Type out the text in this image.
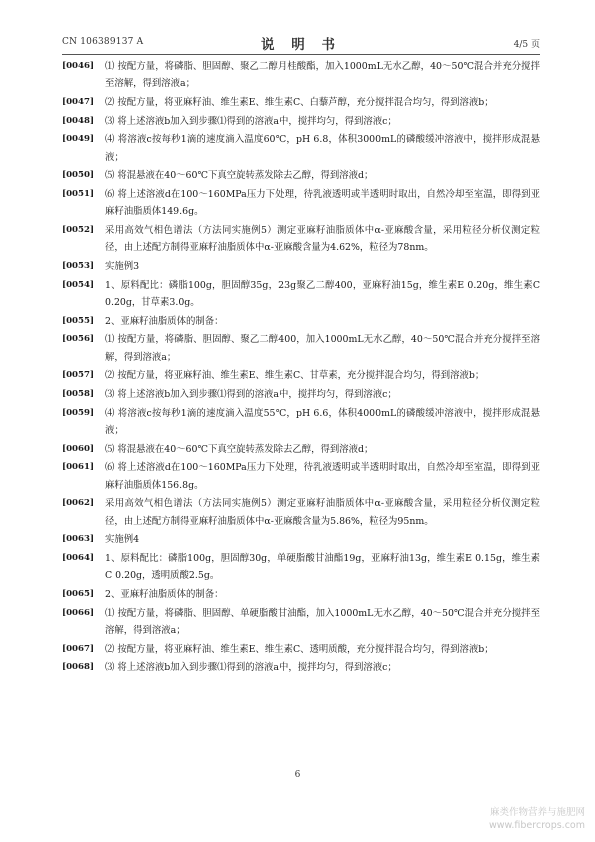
CN 106389137 A	说 明 书	4/5 页
[0046] ⑴ 按配方量，将磷脂、胆固醇、聚乙二醇月桂酸酯，加入1000mL无水乙醇，40～50℃混合并充分搅拌至溶解，得到溶液a；
[0047] ⑵ 按配方量，将亚麻籽油、维生素E、维生素C、白藜芦醇，充分搅拌混合均匀，得到溶液b；
[0048] ⑶ 将上述溶液b加入到步骤⑴得到的溶液a中，搅拌均匀，得到溶液c；
[0049] ⑷ 将溶液c按每秒1滴的速度滴入温度60℃，pH 6.8，体积3000mL的磷酸缓冲溶液中，搅拌形成混悬液；
[0050] ⑸ 将混悬液在40～60℃下真空旋转蒸发除去乙醇，得到溶液d；
[0051] ⑹ 将上述溶液d在100～160MPa压力下处理，待乳液透明或半透明时取出，自然冷却至室温，即得到亚麻籽油脂质体149.6g。
[0052] 采用高效气相色谱法（方法同实施例5）测定亚麻籽油脂质体中α-亚麻酸含量，采用粒径分析仪测定粒径，由上述配方制得亚麻籽油脂质体中α-亚麻酸含量为4.62%，粒径为78nm。
[0053] 实施例3
[0054] 1、原料配比：磷脂100g，胆固醇35g，23g聚乙二醇400，亚麻籽油15g，维生素E 0.20g，维生素C 0.20g，甘草素3.0g。
[0055] 2、亚麻籽油脂质体的制备：
[0056] ⑴ 按配方量，将磷脂、胆固醇、聚乙二醇400，加入1000mL无水乙醇，40～50℃混合并充分搅拌至溶解，得到溶液a；
[0057] ⑵ 按配方量，将亚麻籽油、维生素E、维生素C、甘草素，充分搅拌混合均匀，得到溶液b；
[0058] ⑶ 将上述溶液b加入到步骤⑴得到的溶液a中，搅拌均匀，得到溶液c；
[0059] ⑷ 将溶液c按每秒1滴的速度滴入温度55℃，pH 6.6，体积4000mL的磷酸缓冲溶液中，搅拌形成混悬液；
[0060] ⑸ 将混悬液在40～60℃下真空旋转蒸发除去乙醇，得到溶液d；
[0061] ⑹ 将上述溶液d在100～160MPa压力下处理，待乳液透明或半透明时取出，自然冷却至室温，即得到亚麻籽油脂质体156.8g。
[0062] 采用高效气相色谱法（方法同实施例5）测定亚麻籽油脂质体中α-亚麻酸含量，采用粒径分析仪测定粒径，由上述配方制得亚麻籽油脂质体中α-亚麻酸含量为5.86%，粒径为95nm。
[0063] 实施例4
[0064] 1、原料配比：磷脂100g，胆固醇30g，单硬脂酸甘油酯19g，亚麻籽油13g，维生素E 0.15g，维生素C 0.20g，透明质酸2.5g。
[0065] 2、亚麻籽油脂质体的制备：
[0066] ⑴ 按配方量，将磷脂、胆固醇、单硬脂酸甘油酯，加入1000mL无水乙醇，40～50℃混合并充分搅拌至溶解，得到溶液a；
[0067] ⑵ 按配方量，将亚麻籽油、维生素E、维生素C、透明质酸，充分搅拌混合均匀，得到溶液b；
[0068] ⑶ 将上述溶液b加入到步骤⑴得到的溶液a中，搅拌均匀，得到溶液c；
6
麻类作物营养与施肥网
www.fibercrops.com
